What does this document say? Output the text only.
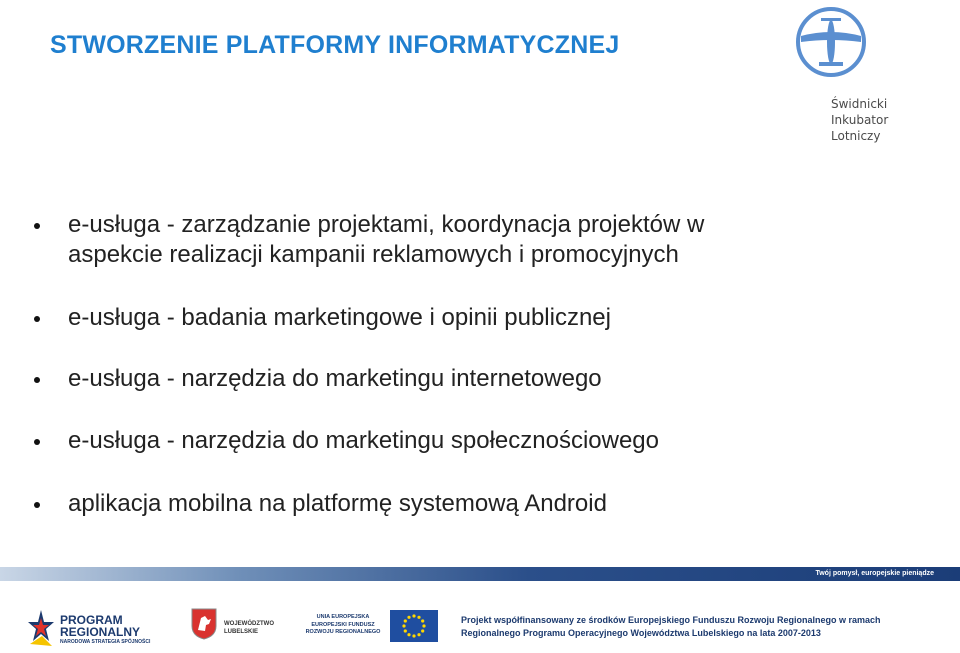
STWORZENIE PLATFORMY INFORMATYCZNEJ
Świdnicki
Inkubator
Lotniczy
e-usługa - zarządzanie projektami, koordynacja projektów w
aspekcie realizacji kampanii reklamowych i promocyjnych
e-usługa - badania marketingowe i opinii publicznej
e-usługa - narzędzia do marketingu internetowego
e-usługa - narzędzia do marketingu społecznościowego
aplikacja mobilna na platformę systemową Android
Twój pomysł, europejskie pieniądze
PROGRAM
REGIONALNY
NARODOWA STRATEGIA SPÓJNOŚCI
WOJEWÓDZTWO
LUBELSKIE
UNIA EUROPEJSKA
EUROPEJSKI FUNDUSZ
ROZWOJU REGIONALNEGO
Projekt współfinansowany ze środków Europejskiego Funduszu Rozwoju Regionalnego w ramach
Regionalnego Programu Operacyjnego Województwa Lubelskiego na lata 2007-2013
